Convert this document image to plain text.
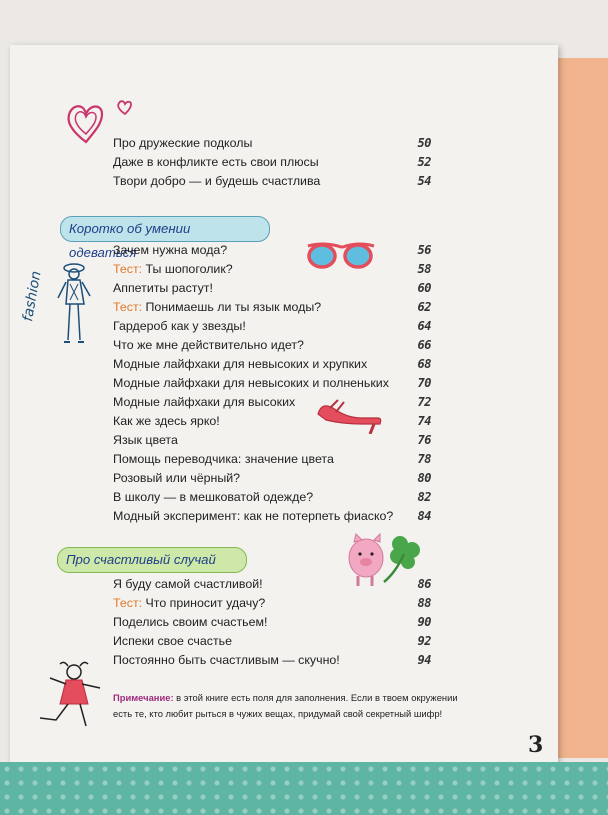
Про дружеские подколы	50
Даже в конфликте есть свои плюсы	52
Твори добро — и будешь счастлива	54
Коротко об умении одеваться
fashion
Зачем нужна мода?	56
Тест: Ты шопоголик?	58
Аппетиты растут!	60
Тест: Понимаешь ли ты язык моды?	62
Гардероб как у звезды!	64
Что же мне действительно идет?	66
Модные лайфхаки для невысоких и хрупких	68
Модные лайфхаки для невысоких и полненьких 70
Модные лайфхаки для высоких	72
Как же здесь ярко!	74
Язык цвета	76
Помощь переводчика: значение цвета	78
Розовый или чёрный?	80
В школу — в мешковатой одежде?	82
Модный эксперимент: как не потерпеть фиаско? 84
Про счастливый случай
Я буду самой счастливой!	86
Тест: Что приносит удачу?	88
Поделись своим счастьем!	90
Испеки свое счастье	92
Постоянно быть счастливым — скучно!	94
Примечание: в этой книге есть поля для заполнения. Если в твоем окружении есть те, кто любит рыться в чужих вещах, придумай свой секретный шифр!
3
